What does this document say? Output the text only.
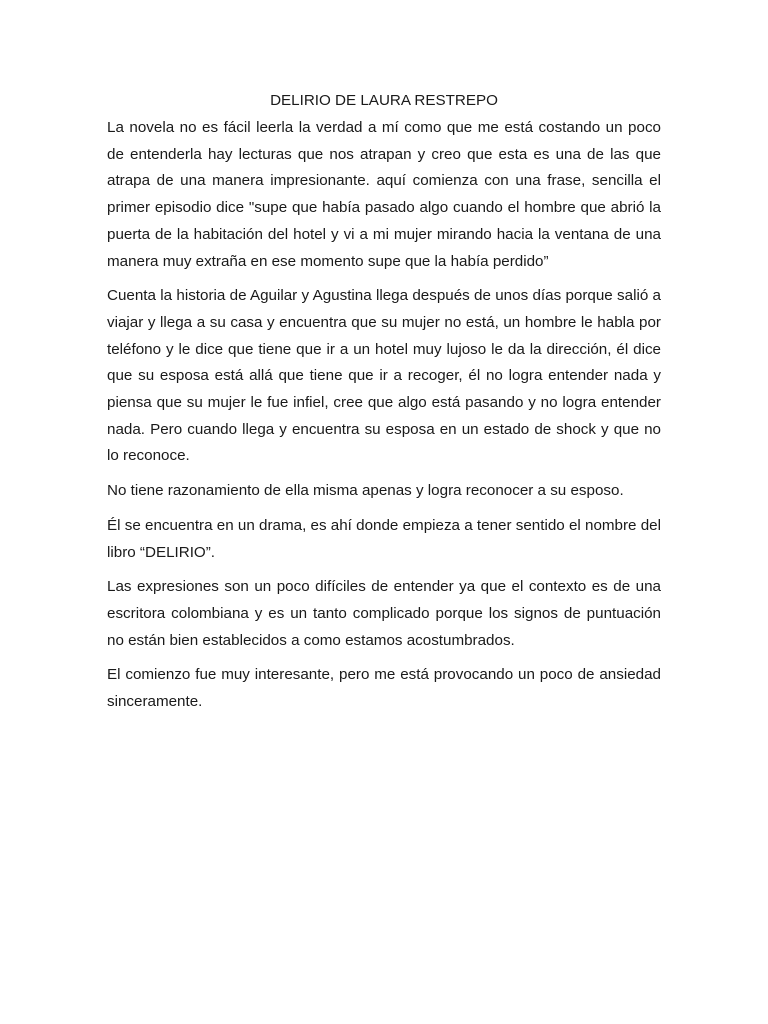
DELIRIO DE LAURA RESTREPO

La novela no es fácil leerla la verdad a mí como que me está costando un poco de entenderla hay lecturas que nos atrapan y creo que esta es una de las que atrapa de una manera impresionante. aquí comienza con una frase, sencilla el primer episodio dice "supe que había pasado algo cuando el hombre que abrió la puerta de la habitación del hotel y vi a mi mujer mirando hacia la ventana de una manera muy extraña en ese momento supe que la había perdido”

Cuenta la historia de Aguilar y Agustina llega después de unos días porque salió a viajar y llega a su casa y encuentra que su mujer no está, un hombre le habla por teléfono y le dice que tiene que ir a un hotel muy lujoso le da la dirección, él dice que su esposa está allá que tiene que ir a recoger, él no logra entender nada y piensa que su mujer le fue infiel, cree que algo está pasando y no logra entender nada. Pero cuando llega y encuentra su esposa en un estado de shock y que no lo reconoce.

No tiene razonamiento de ella misma apenas y logra reconocer a su esposo.

Él se encuentra en un drama, es ahí donde empieza a tener sentido el nombre del libro “DELIRIO”.

Las expresiones son un poco difíciles de entender ya que el contexto es de una escritora colombiana y es un tanto complicado porque los signos de puntuación no están bien establecidos a como estamos acostumbrados.

El comienzo fue muy interesante, pero me está provocando un poco de ansiedad sinceramente.
